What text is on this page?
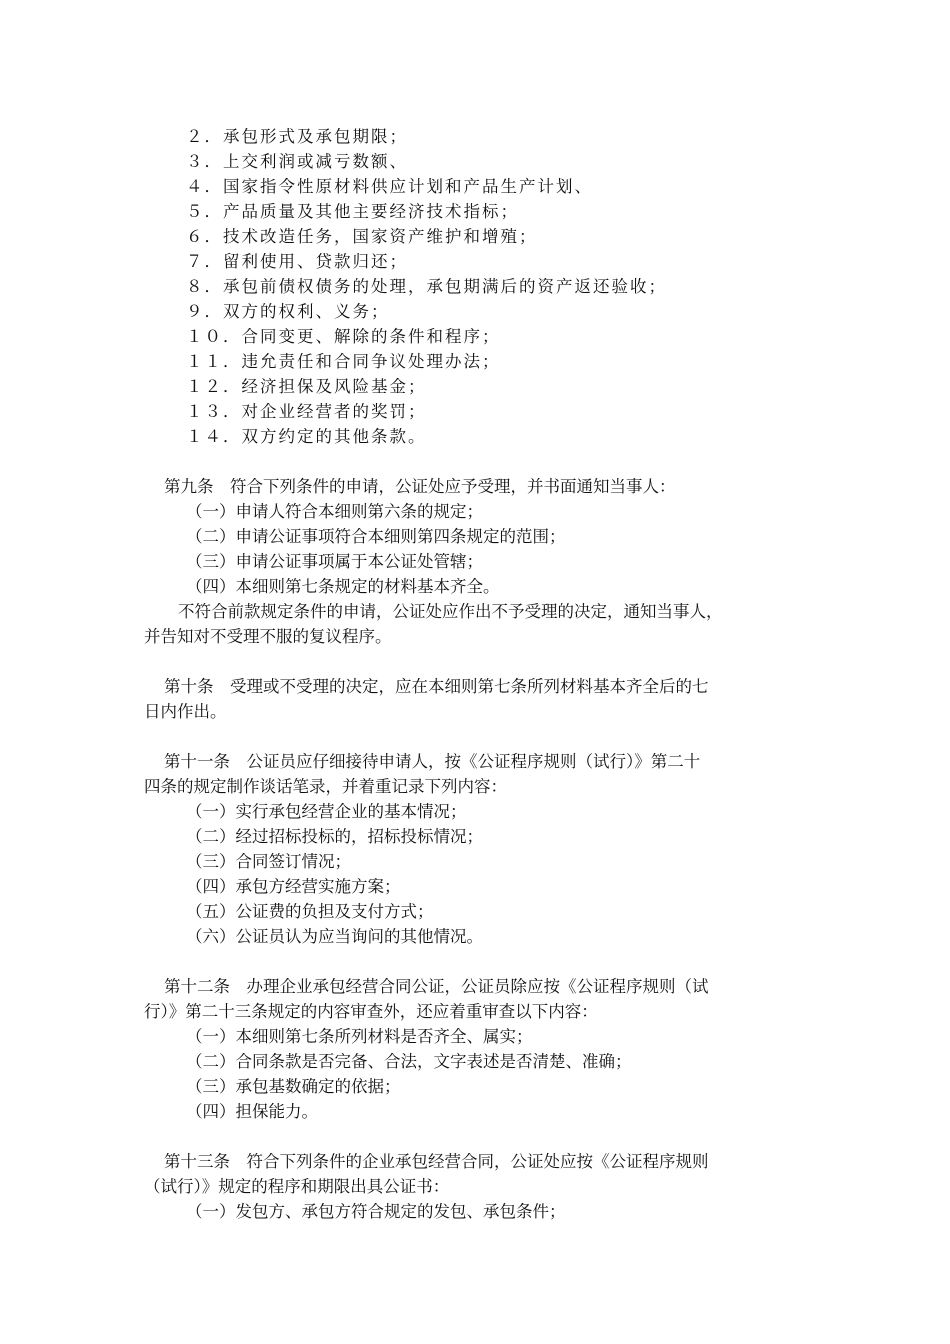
２．承包形式及承包期限；
３．上交利润或减亏数额、
４．国家指令性原材料供应计划和产品生产计划、
５．产品质量及其他主要经济技术指标；
６．技术改造任务，国家资产维护和增殖；
７．留利使用、贷款归还；
８．承包前债权债务的处理，承包期满后的资产返还验收；
９．双方的权利、义务；
１０．合同变更、解除的条件和程序；
１１．违允责任和合同争议处理办法；
１２．经济担保及风险基金；
１３．对企业经营者的奖罚；
１４．双方约定的其他条款。
第九条　符合下列条件的申请，公证处应予受理，并书面通知当事人：
（一）申请人符合本细则第六条的规定；
（二）申请公证事项符合本细则第四条规定的范围；
（三）申请公证事项属于本公证处管辖；
（四）本细则第七条规定的材料基本齐全。
不符合前款规定条件的申请，公证处应作出不予受理的决定，通知当事人，
并告知对不受理不服的复议程序。
第十条　受理或不受理的决定，应在本细则第七条所列材料基本齐全后的七
日内作出。
第十一条　公证员应仔细接待申请人，按《公证程序规则（试行）》第二十
四条的规定制作谈话笔录，并着重记录下列内容：
（一）实行承包经营企业的基本情况；
（二）经过招标投标的，招标投标情况；
（三）合同签订情况；
（四）承包方经营实施方案；
（五）公证费的负担及支付方式；
（六）公证员认为应当询问的其他情况。
第十二条　办理企业承包经营合同公证，公证员除应按《公证程序规则（试
行）》第二十三条规定的内容审查外，还应着重审查以下内容：
（一）本细则第七条所列材料是否齐全、属实；
（二）合同条款是否完备、合法，文字表述是否清楚、准确；
（三）承包基数确定的依据；
（四）担保能力。
第十三条　符合下列条件的企业承包经营合同，公证处应按《公证程序规则
（试行）》规定的程序和期限出具公证书：
（一）发包方、承包方符合规定的发包、承包条件；
